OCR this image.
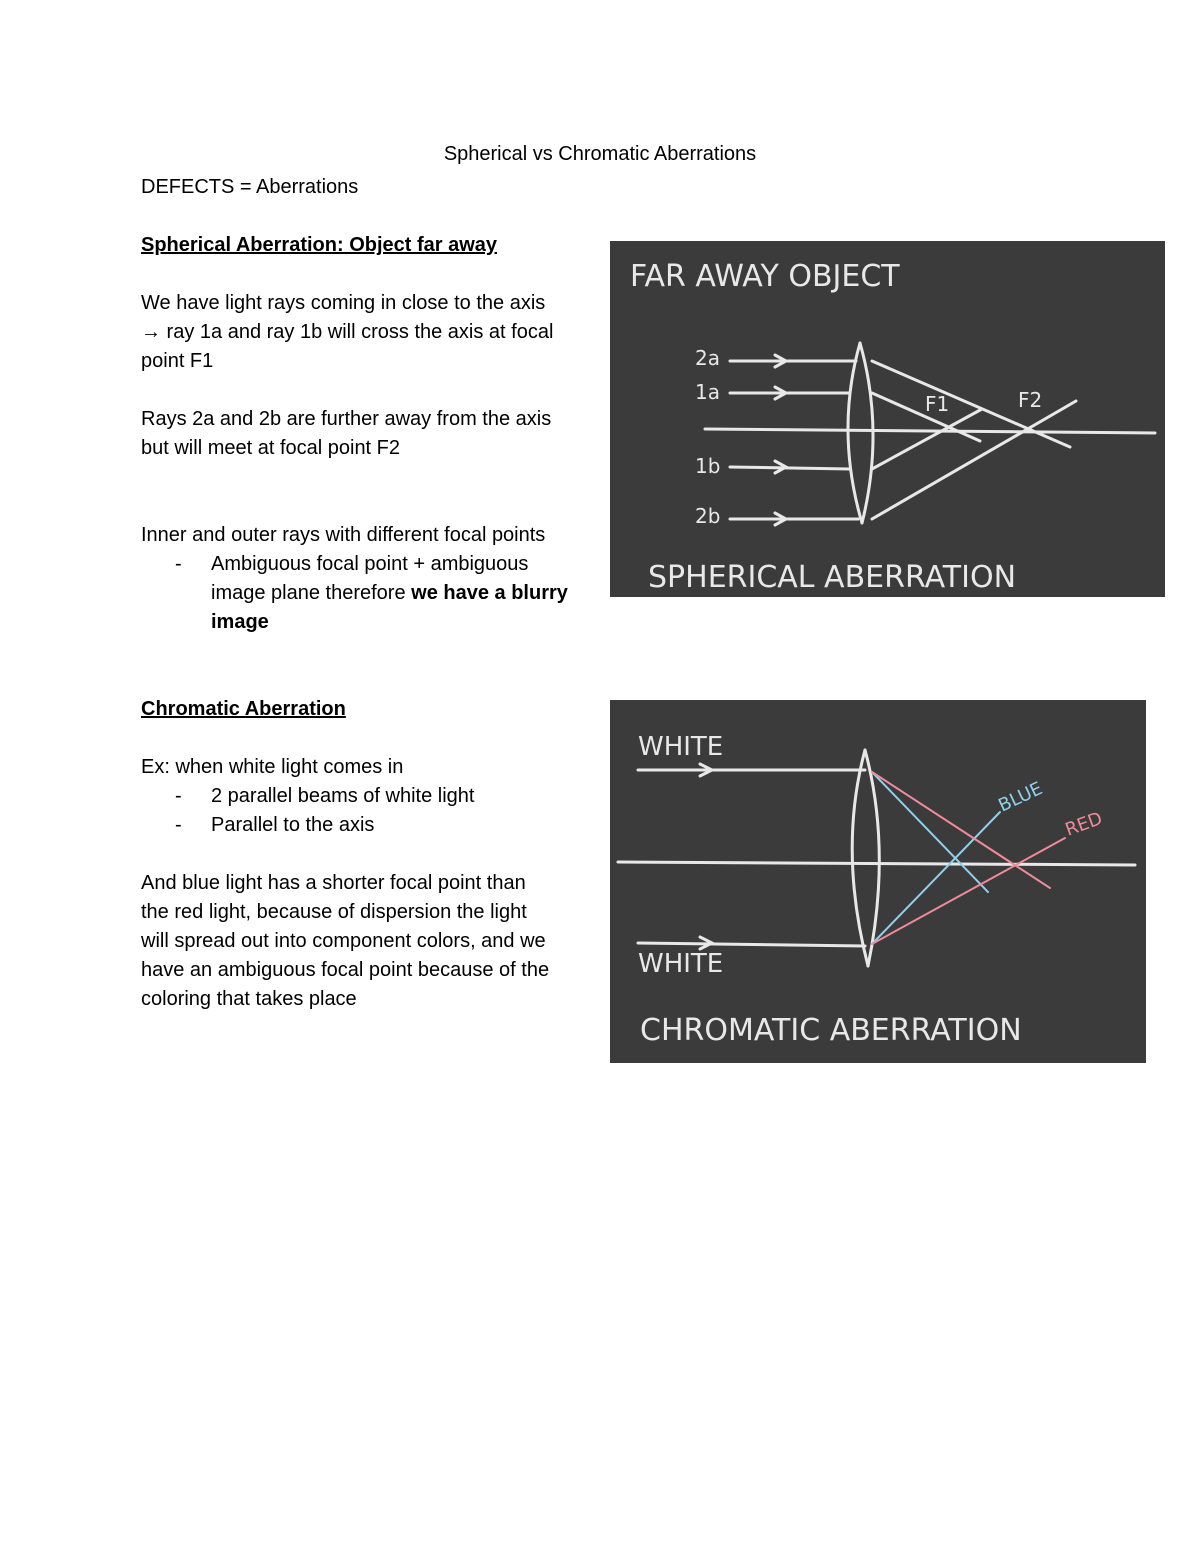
Spherical vs Chromatic Aberrations

DEFECTS = Aberrations

Spherical Aberration: Object far away

We have light rays coming in close to the axis

→ ray 1a and ray 1b will cross the axis at focal

point F1

Rays 2a and 2b are further away from the axis

but will meet at focal point F2

Inner and outer rays with different focal points

- Ambiguous focal point + ambiguous
image plane therefore we have a blurry
image

Chromatic Aberration

Ex: when white light comes in

- 2 parallel beams of white light
- Parallel to the axis

And blue light has a shorter focal point than

the red light, because of dispersion the light

will spread out into component colors, and we

have an ambiguous focal point because of the

coloring that takes place

FAR AWAY OBJECT
SPHERICAL ABERRATION
2a
1a
1b
2b
F1	F2
WHITE
WHITE
CHROMATIC ABERRATION
BLUE
RED
